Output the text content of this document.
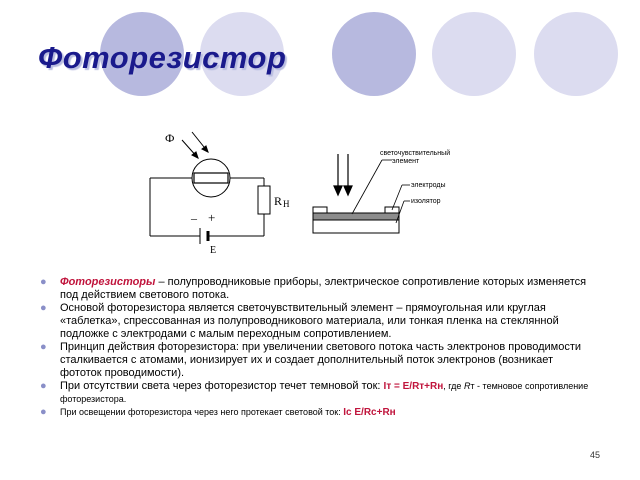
Фоторезистор
Ф
R Н
– +
E
светочувствительный
элемент
электроды
изолятор
● Фоторезисторы – полупроводниковые приборы, электрическое сопротивление которых изменяется под действием светового потока.
● Основой фоторезистора является светочувствительный элемент – прямоугольная или круглая «таблетка», спрессованная из полупроводникового материала, или тонкая пленка на стеклянной подложке с электродами с малым переходным сопротивлением.
● Принцип действия фоторезистора: при увеличении светового потока часть электронов проводимости сталкивается с атомами, ионизирует их и создает дополнительный поток электронов (возникает фототок проводимости).
● При отсутствии света через фоторезистор течет темновой ток: Iт = E/Rт+Rн, где Rт - темновое сопротивление фоторезистора.
● При освещении фоторезистора через него протекает световой ток: Ic E/Rc+Rн
45
